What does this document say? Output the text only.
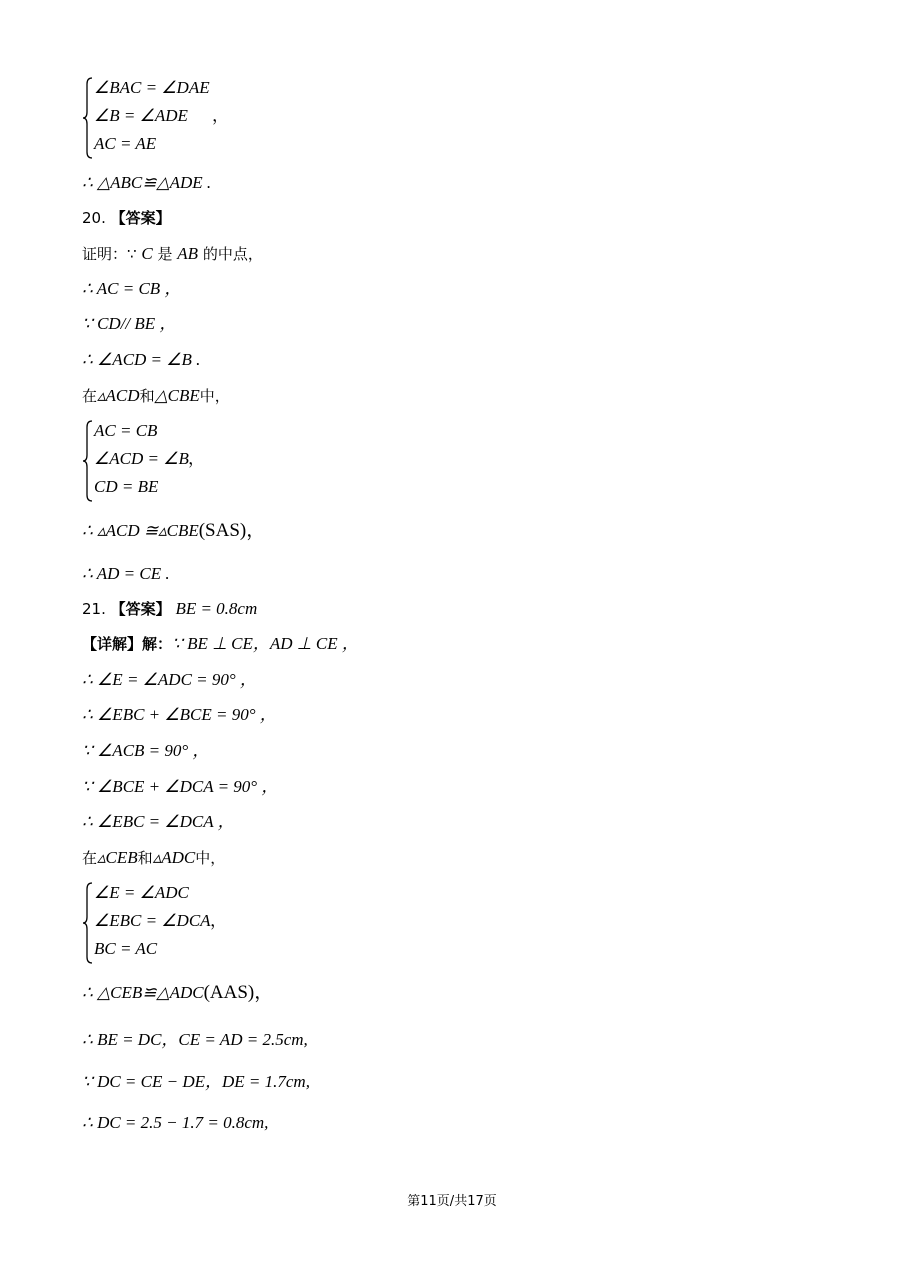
∠BAC = ∠DAE
∠B = ∠ADE
AC = AE
，
∴ △ABC≌△ADE .
20. 【答案】
证明：∵ C 是 AB 的中点，
∴ AC = CB ，
∵ CD// BE ，
∴ ∠ACD = ∠B .
在▵ACD和△CBE中，
AC = CB
∠ACD = ∠B
CD = BE
，
∴ ▵ACD ≅▵CBE(SAS)，
∴ AD = CE .
21. 【答案】 BE = 0.8cm
【详解】解：∵ BE ⊥ CE，AD ⊥ CE ，
∴ ∠E = ∠ADC = 90° ，
∴ ∠EBC + ∠BCE = 90° ，
∵ ∠ACB = 90° ，
∵ ∠BCE + ∠DCA = 90° ，
∴ ∠EBC = ∠DCA ，
在▵CEB和▵ADC中，
∠E = ∠ADC
∠EBC = ∠DCA
BC = AC
，
∴ △CEB≌△ADC(AAS)，
∴ BE = DC，CE = AD = 2.5cm,
∵ DC = CE − DE，DE = 1.7cm,
∴ DC = 2.5 − 1.7 = 0.8cm,
第11页/共17页
